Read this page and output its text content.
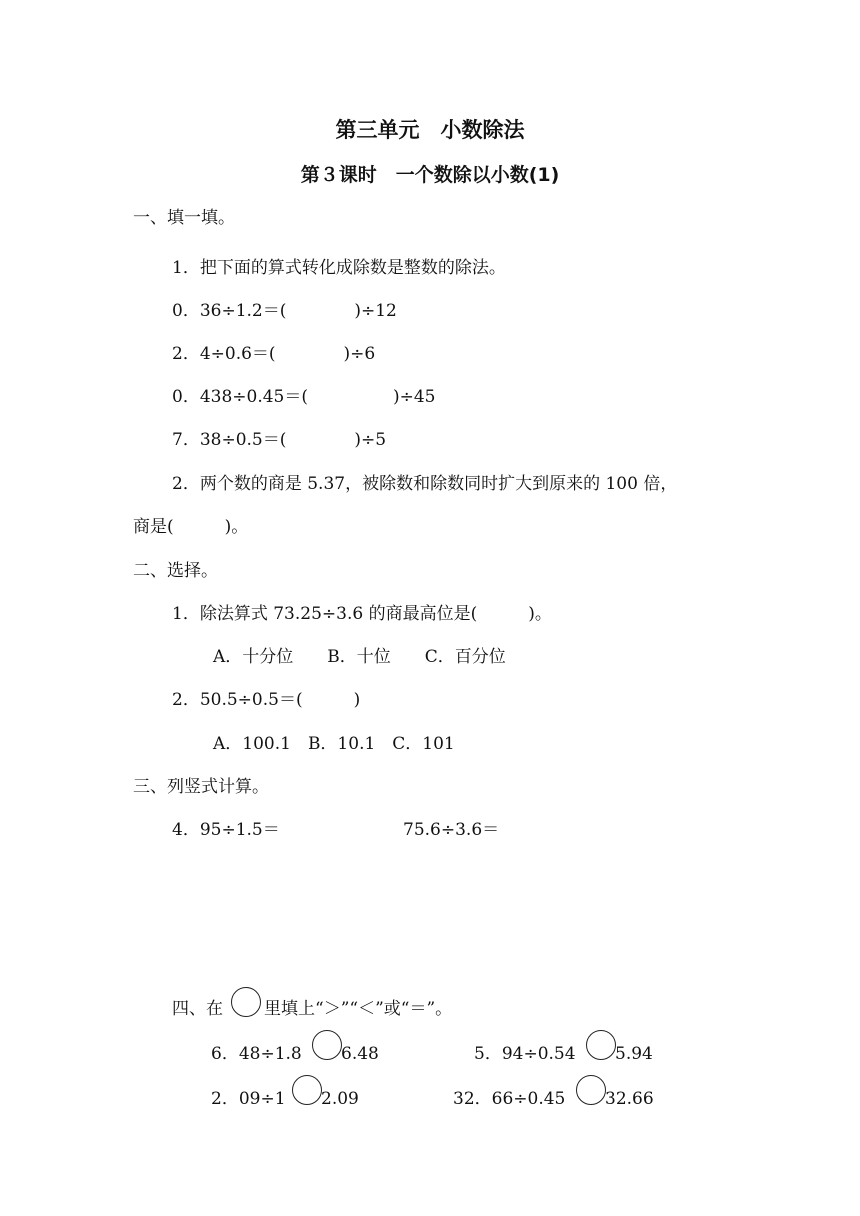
第三单元　小数除法
第３课时　一个数除以小数(1)
一、填一填。
1．把下面的算式转化成除数是整数的除法。
0．36÷1.2＝(　　　　)÷12
2．4÷0.6＝(　　　　)÷6
0．438÷0.45＝(　　　　　)÷45
7．38÷0.5＝(　　　　)÷5
2．两个数的商是 5.37，被除数和除数同时扩大到原来的 100 倍，
商是(　　　)。
二、选择。
1．除法算式 73.25÷3.6 的商最高位是(　　　)。
A．十分位　　B．十位　　C．百分位
2．50.5÷0.5＝(　　　)
A．100.1　B．10.1　C．101
三、列竖式计算。
4．95÷1.5＝	75.6÷3.6＝
四、在 里填上“＞”“＜”或“＝”。
6．48÷1.8 6.48	5．94÷0.54 5.94
2．09÷1 2.09	32．66÷0.45 32.66
